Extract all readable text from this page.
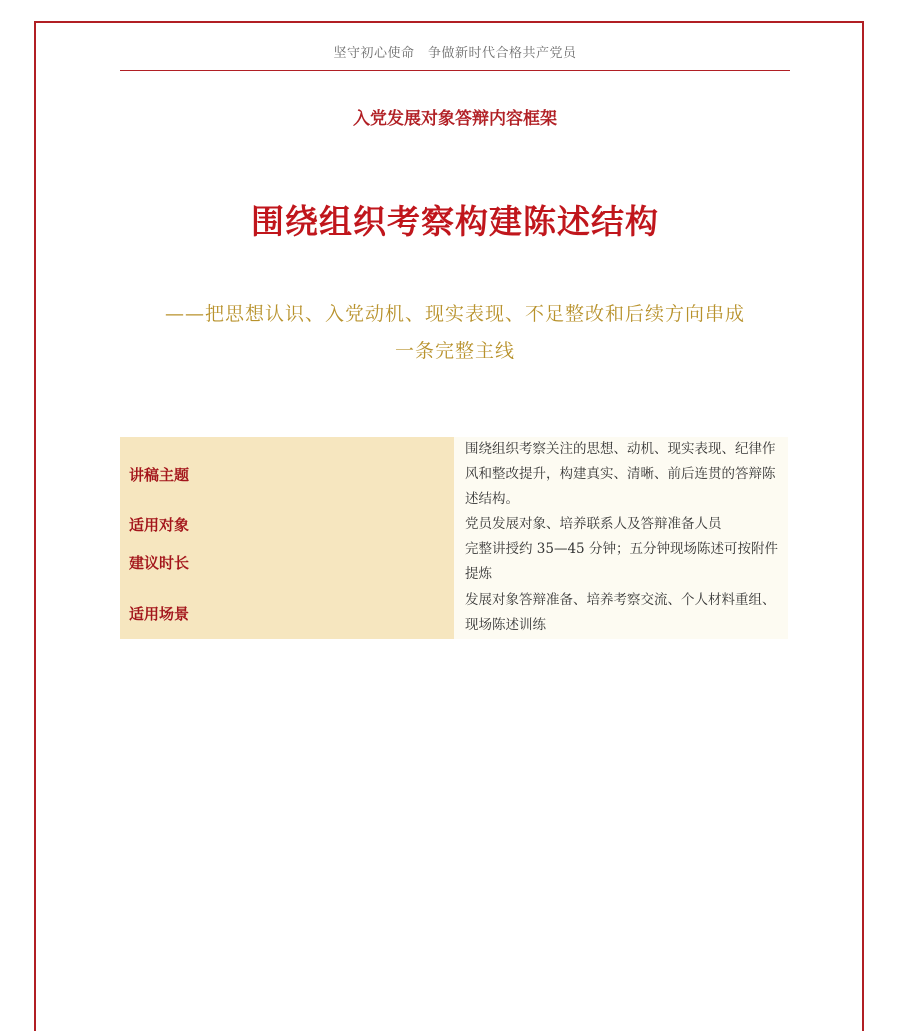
坚守初心使命　争做新时代合格共产党员
入党发展对象答辩内容框架
围绕组织考察构建陈述结构
——把思想认识、入党动机、现实表现、不足整改和后续方向串成
一条完整主线
讲稿主题	围绕组织考察关注的思想、动机、现实表现、纪律作风和整改提升，构建真实、清晰、前后连贯的答辩陈述结构。
适用对象	党员发展对象、培养联系人及答辩准备人员
建议时长	完整讲授约 35—45 分钟；五分钟现场陈述可按附件提炼
适用场景	发展对象答辩准备、培养考察交流、个人材料重组、现场陈述训练
